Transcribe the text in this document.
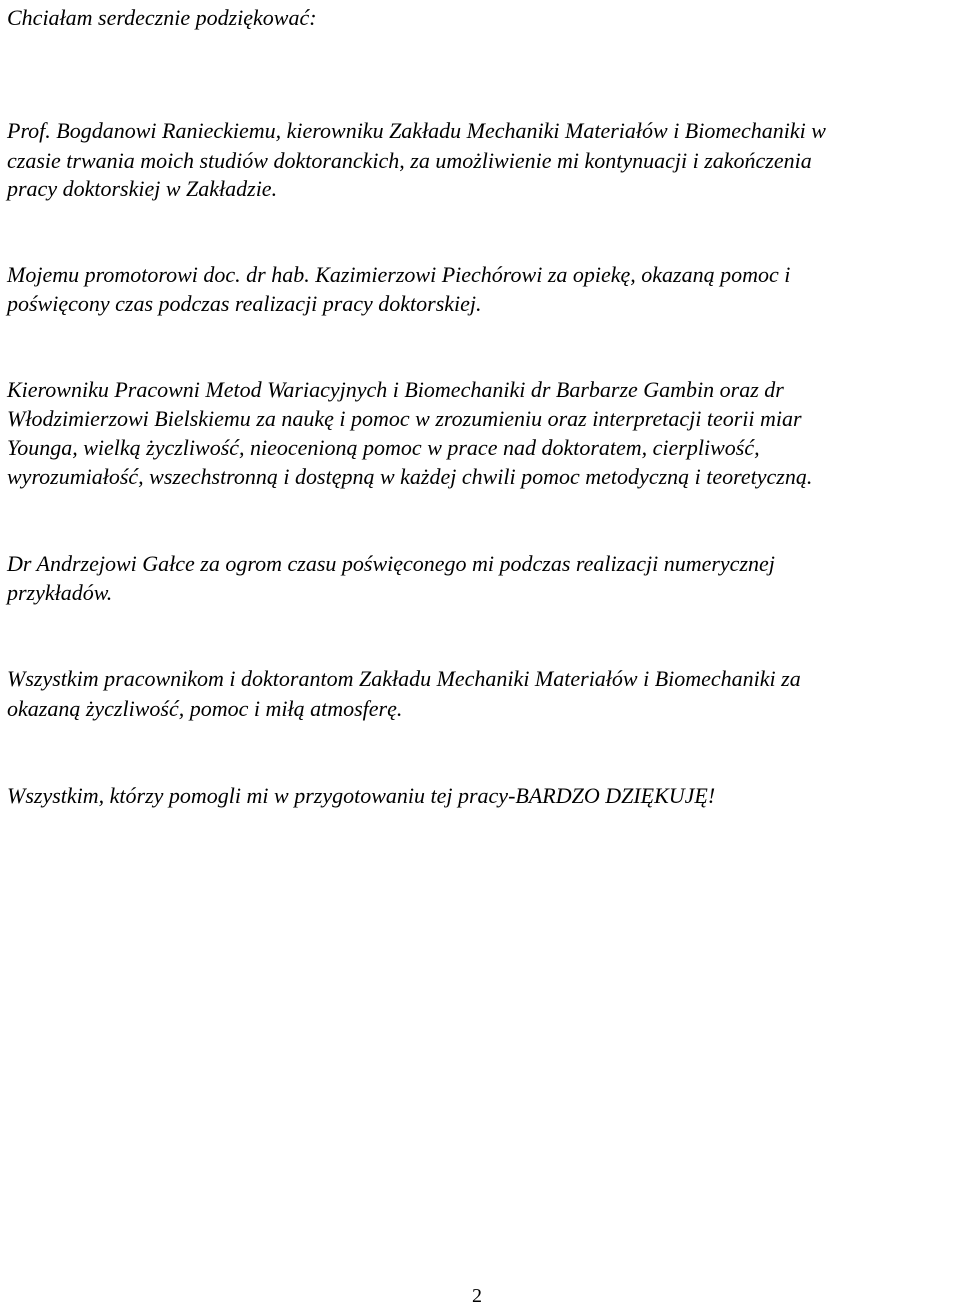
Chciałam serdecznie podziękować:

Prof. Bogdanowi Ranieckiemu, kierowniku Zakładu Mechaniki Materiałów i Biomechaniki w

czasie trwania moich studiów doktoranckich, za umożliwienie mi kontynuacji i zakończenia

pracy doktorskiej w Zakładzie.

Mojemu promotorowi doc. dr hab. Kazimierzowi Piechórowi za opiekę, okazaną pomoc i

poświęcony czas podczas realizacji pracy doktorskiej.

Kierowniku Pracowni Metod Wariacyjnych i Biomechaniki dr Barbarze Gambin oraz dr

Włodzimierzowi Bielskiemu za naukę i pomoc w zrozumieniu oraz interpretacji teorii miar

Younga, wielką życzliwość, nieocenioną pomoc w prace nad doktoratem, cierpliwość,

wyrozumiałość, wszechstronną i dostępną w każdej chwili pomoc metodyczną i teoretyczną.

Dr Andrzejowi Gałce za ogrom czasu poświęconego mi podczas realizacji numerycznej

przykładów.

Wszystkim pracownikom i doktorantom Zakładu Mechaniki Materiałów i Biomechaniki za

okazaną życzliwość, pomoc i miłą atmosferę.

Wszystkim, którzy pomogli mi w przygotowaniu tej pracy-BARDZO DZIĘKUJĘ!

2
